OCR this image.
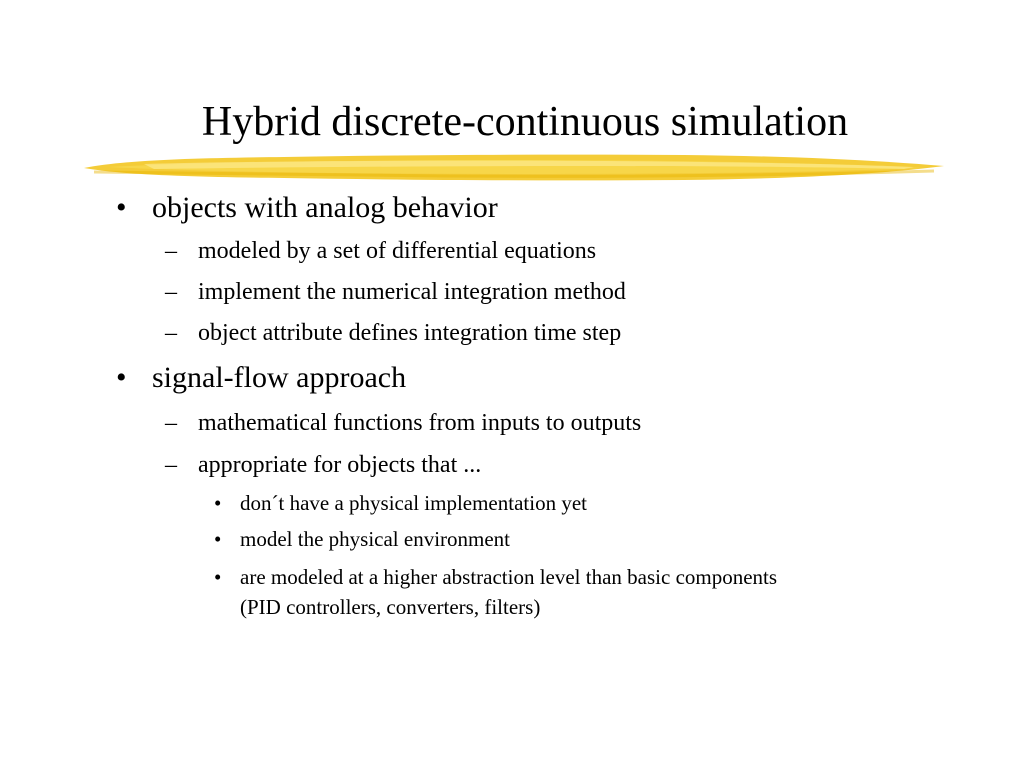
Hybrid discrete-continuous simulation
• objects with analog behavior
– modeled by a set of differential equations
– implement the numerical integration method
– object attribute defines integration time step
• signal-flow approach
– mathematical functions from inputs to outputs
– appropriate for objects that ...
• don´t have a physical implementation yet
• model the physical environment
• are modeled at a higher abstraction level than basic components
(PID controllers, converters, filters)
